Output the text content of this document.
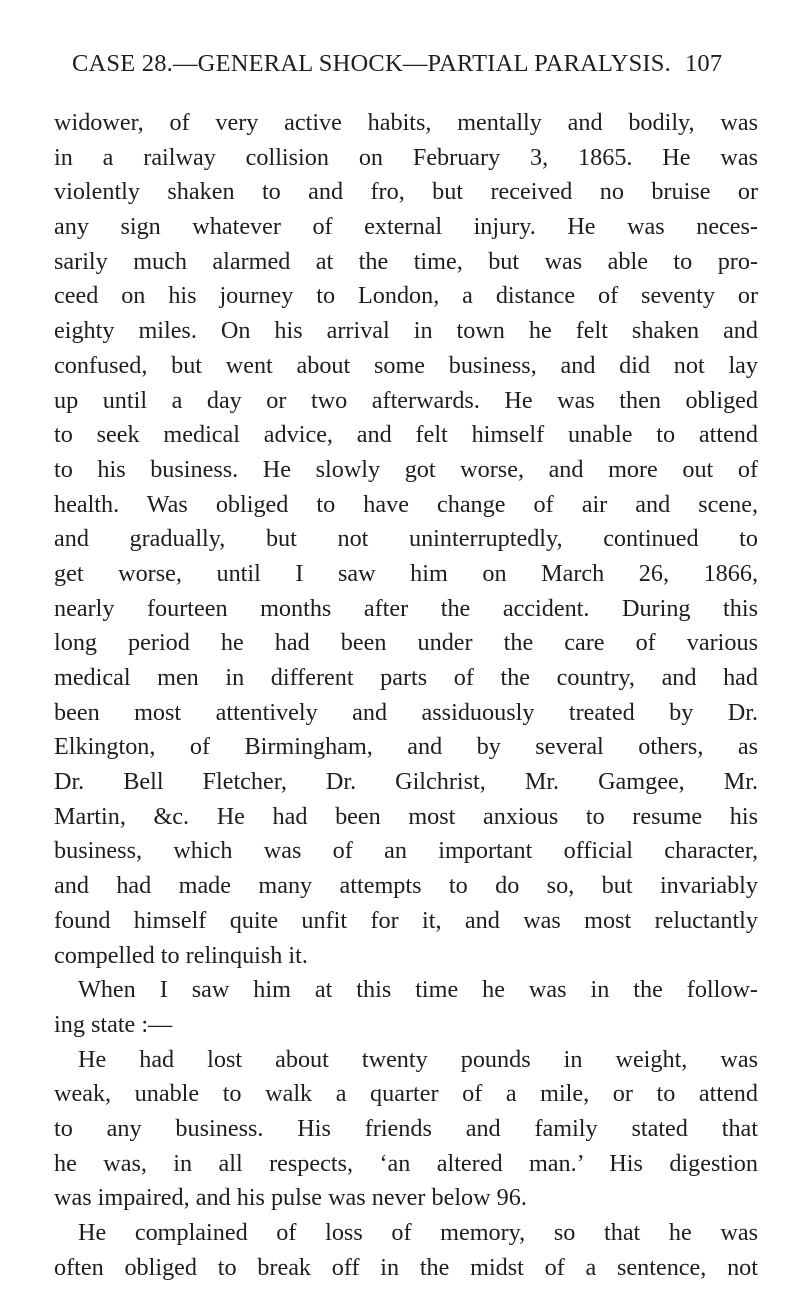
CASE 28.—GENERAL SHOCK—PARTIAL PARALYSIS. 107
widower, of very active habits, mentally and bodily, was
in a railway collision on February 3, 1865. He was
violently shaken to and fro, but received no bruise or
any sign whatever of external injury. He was neces-
sarily much alarmed at the time, but was able to pro-
ceed on his journey to London, a distance of seventy or
eighty miles. On his arrival in town he felt shaken and
confused, but went about some business, and did not lay
up until a day or two afterwards. He was then obliged
to seek medical advice, and felt himself unable to attend
to his business. He slowly got worse, and more out of
health. Was obliged to have change of air and scene,
and gradually, but not uninterruptedly, continued to
get worse, until I saw him on March 26, 1866,
nearly fourteen months after the accident. During this
long period he had been under the care of various
medical men in different parts of the country, and had
been most attentively and assiduously treated by Dr.
Elkington, of Birmingham, and by several others, as
Dr. Bell Fletcher, Dr. Gilchrist, Mr. Gamgee, Mr.
Martin, &c. He had been most anxious to resume his
business, which was of an important official character,
and had made many attempts to do so, but invariably
found himself quite unfit for it, and was most reluctantly
compelled to relinquish it.
When I saw him at this time he was in the follow-
ing state :—
He had lost about twenty pounds in weight, was
weak, unable to walk a quarter of a mile, or to attend
to any business. His friends and family stated that
he was, in all respects, ‘an altered man.’ His digestion
was impaired, and his pulse was never below 96.
He complained of loss of memory, so that he was
often obliged to break off in the midst of a sentence, not
